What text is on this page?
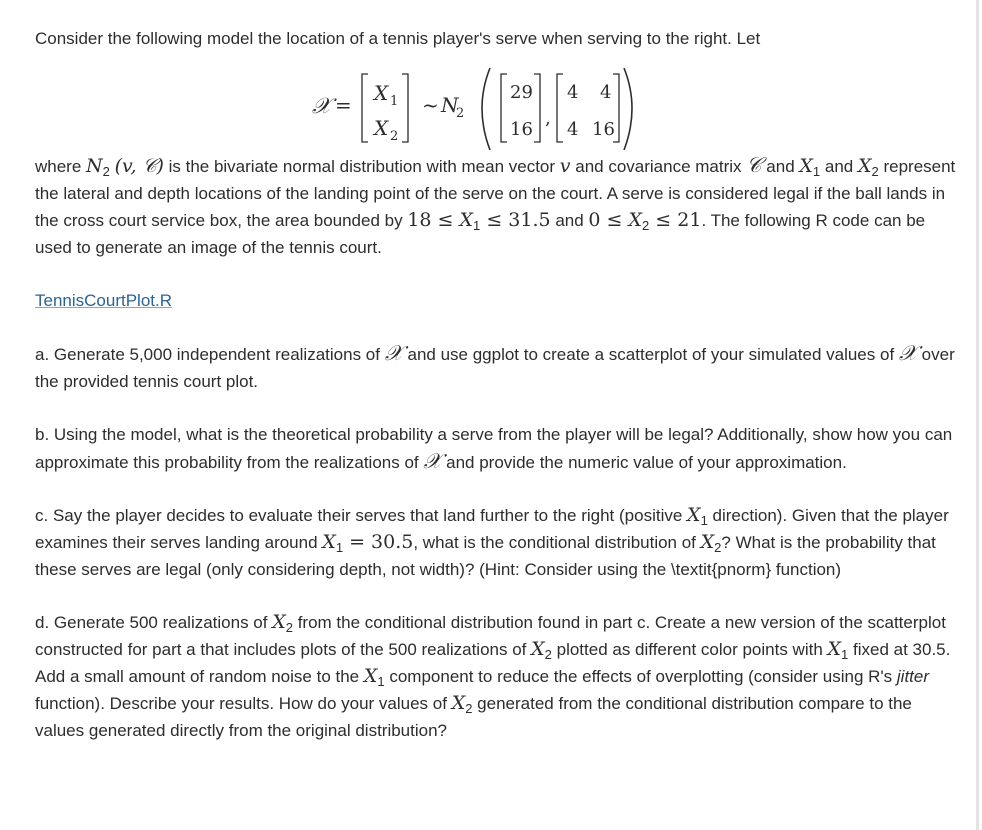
Consider the following model the location of a tennis player's serve when serving to the right. Let

𝒳 = X 1
X 2
~ N
2
29
16
,
4 4
4 16

where $N_2$ (v, 𝒞) is the bivariate normal distribution with mean vector v and covariance matrix 𝒞 and $X_1$ and $X_2$ represent the lateral and depth locations of the landing point of the serve on the court. A serve is considered legal if the ball lands in the cross court service box, the area bounded by $18 \le X_1 \le 31.5$ and $0 \le X_2 \le 21$. The following R code can be used to generate an image of the tennis court.

TennisCourtPlot.R

a. Generate 5,000 independent realizations of 𝒳 and use ggplot to create a scatterplot of your simulated values of 𝒳 over the provided tennis court plot.

b. Using the model, what is the theoretical probability a serve from the player will be legal? Additionally, show how you can approximate this probability from the realizations of 𝒳 and provide the numeric value of your approximation.

c. Say the player decides to evaluate their serves that land further to the right (positive $X_1$ direction). Given that the player examines their serves landing around $X_1 = 30.5$, what is the conditional distribution of $X_2$? What is the probability that these serves are legal (only considering depth, not width)? (Hint: Consider using the \textit{pnorm} function)

d. Generate 500 realizations of $X_2$ from the conditional distribution found in part c. Create a new version of the scatterplot constructed for part a that includes plots of the 500 realizations of $X_2$ plotted as different color points with $X_1$ fixed at 30.5. Add a small amount of random noise to the $X_1$ component to reduce the effects of overplotting (consider using R's jitter function). Describe your results. How do your values of $X_2$ generated from the conditional distribution compare to the values generated directly from the original distribution?
